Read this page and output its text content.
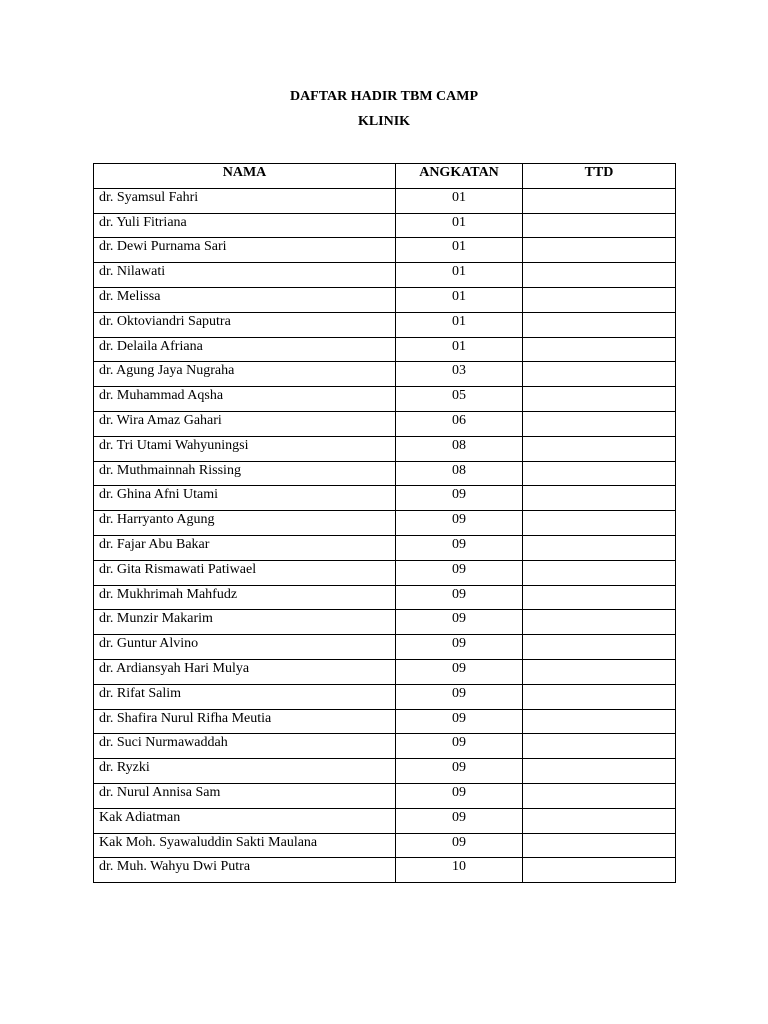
DAFTAR HADIR TBM CAMP
KLINIK
NAMA	ANGKATAN	TTD
dr. Syamsul Fahri	01	
dr. Yuli Fitriana	01	
dr. Dewi Purnama Sari	01	
dr. Nilawati	01	
dr. Melissa	01	
dr. Oktoviandri Saputra	01	
dr. Delaila Afriana	01	
dr. Agung Jaya Nugraha	03	
dr. Muhammad Aqsha	05	
dr. Wira Amaz Gahari	06	
dr. Tri Utami Wahyuningsi	08	
dr. Muthmainnah Rissing	08	
dr. Ghina Afni Utami	09	
dr. Harryanto Agung	09	
dr. Fajar Abu Bakar	09	
dr. Gita Rismawati Patiwael	09	
dr. Mukhrimah Mahfudz	09	
dr. Munzir Makarim	09	
dr. Guntur Alvino	09	
dr. Ardiansyah Hari Mulya	09	
dr. Rifat Salim	09	
dr. Shafira Nurul Rifha Meutia	09	
dr. Suci Nurmawaddah	09	
dr. Ryzki	09	
dr. Nurul Annisa Sam	09	
Kak Adiatman	09	
Kak Moh. Syawaluddin Sakti Maulana	09	
dr. Muh. Wahyu Dwi Putra	10	
